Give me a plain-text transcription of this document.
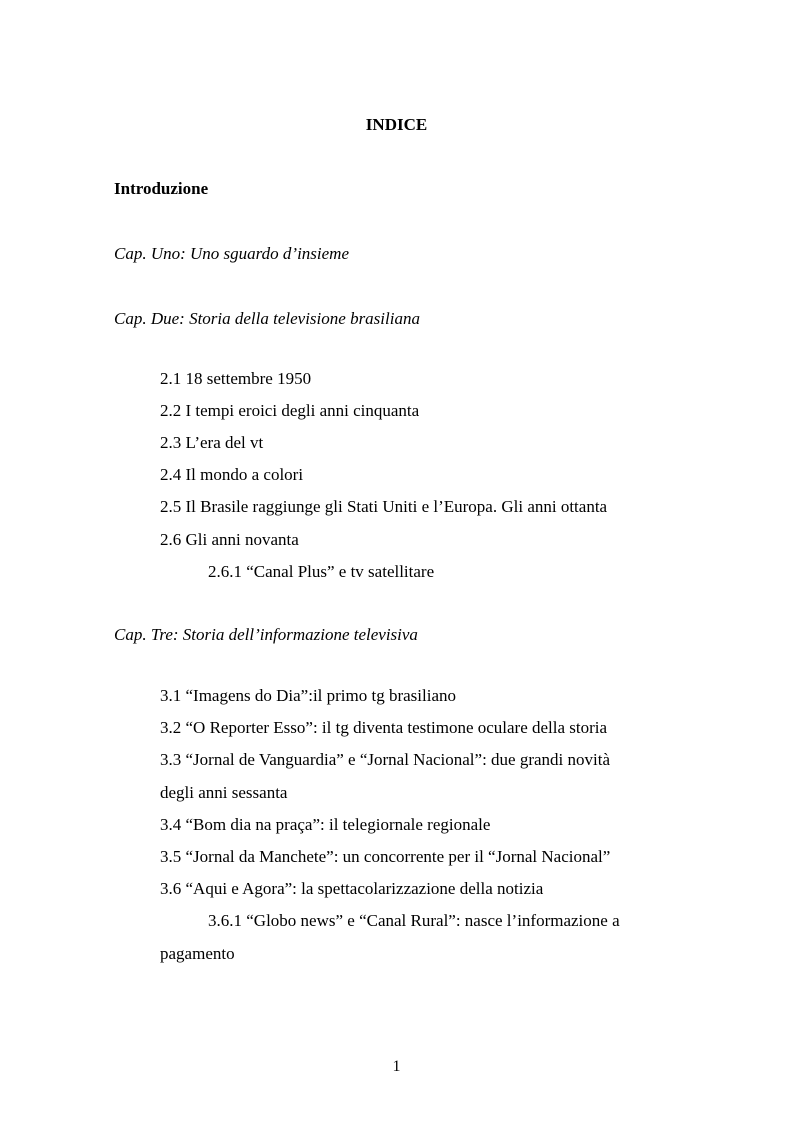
INDICE
Introduzione
Cap. Uno: Uno sguardo d’insieme
Cap. Due: Storia della televisione brasiliana
2.1 18 settembre 1950
2.2 I tempi eroici degli anni cinquanta
2.3 L’era del vt
2.4 Il mondo a colori
2.5 Il Brasile raggiunge gli Stati Uniti e l’Europa. Gli anni ottanta
2.6 Gli anni novanta
2.6.1 “Canal Plus” e tv satellitare
Cap. Tre: Storia dell’informazione televisiva
3.1 “Imagens do Dia”:il primo tg brasiliano
3.2 “O Reporter Esso”: il tg diventa testimone oculare della storia
3.3 “Jornal de Vanguardia” e “Jornal Nacional”: due grandi novità
degli anni sessanta
3.4 “Bom dia na praça”: il telegiornale regionale
3.5 “Jornal da Manchete”: un concorrente per il “Jornal Nacional”
3.6 “Aqui e Agora”: la spettacolarizzazione della notizia
3.6.1 “Globo news” e “Canal Rural”: nasce l’informazione a
pagamento
1
